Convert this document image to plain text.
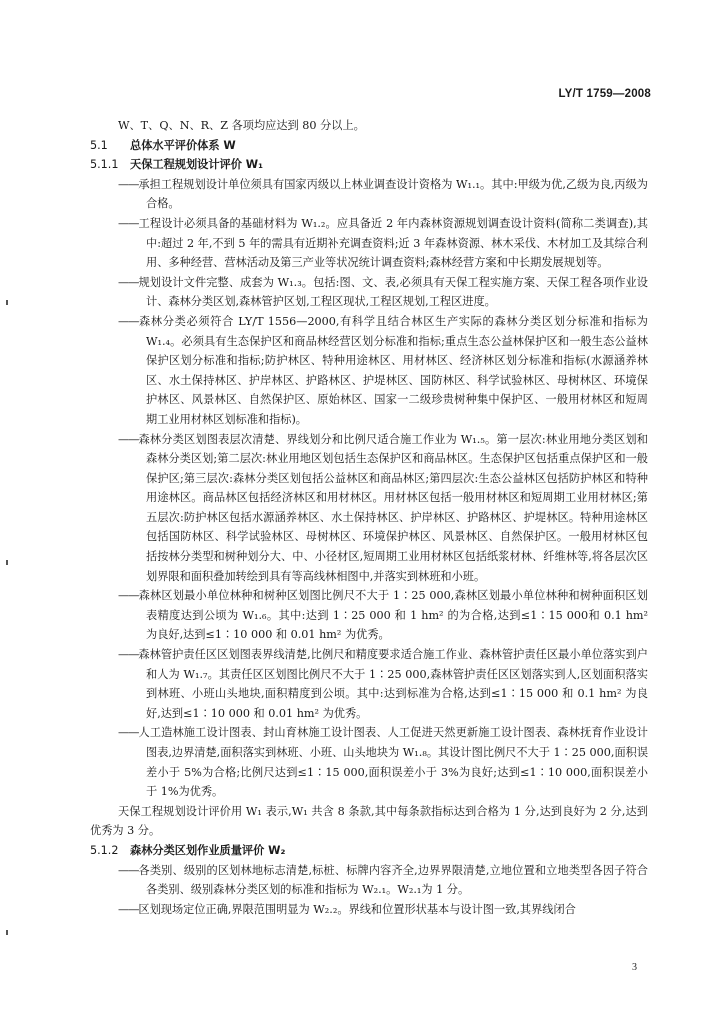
LY/T 1759—2008

W、T、Q、N、R、Z 各项均应达到 80 分以上。

5.1 总体水平评价体系 W

5.1.1 天保工程规划设计评价 W₁

—— 承担工程规划设计单位须具有国家丙级以上林业调查设计资格为 W₁.₁。其中:甲级为优,乙级为良,丙级为合格。

—— 工程设计必须具备的基础材料为 W₁.₂。应具备近 2 年内森林资源规划调查设计资料(简称二类调查),其中:超过 2 年,不到 5 年的需具有近期补充调查资料;近 3 年森林资源、林木采伐、木材加工及其综合利用、多种经营、营林活动及第三产业等状况统计调查资料;森林经营方案和中长期发展规划等。

—— 规划设计文件完整、成套为 W₁.₃。包括:图、文、表,必须具有天保工程实施方案、天保工程各项作业设计、森林分类区划,森林管护区划,工程区现状,工程区规划,工程区进度。

—— 森林分类必须符合 LY/T 1556—2000,有科学且结合林区生产实际的森林分类区划分标准和指标为 W₁.₄。必须具有生态保护区和商品林经营区划分标准和指标;重点生态公益林保护区和一般生态公益林保护区划分标准和指标;防护林区、特种用途林区、用材林区、经济林区划分标准和指标(水源涵养林区、水土保持林区、护岸林区、护路林区、护堤林区、国防林区、科学试验林区、母树林区、环境保护林区、风景林区、自然保护区、原始林区、国家一二级珍贵树种集中保护区、一般用材林区和短周期工业用材林区划标准和指标)。

—— 森林分类区划图表层次清楚、界线划分和比例尺适合施工作业为 W₁.₅。第一层次:林业用地分类区划和森林分类区划;第二层次:林业用地区划包括生态保护区和商品林区。生态保护区包括重点保护区和一般保护区;第三层次:森林分类区划包括公益林区和商品林区;第四层次:生态公益林区包括防护林区和特种用途林区。商品林区包括经济林区和用材林区。用材林区包括一般用材林区和短周期工业用材林区;第五层次:防护林区包括水源涵养林区、水土保持林区、护岸林区、护路林区、护堤林区。特种用途林区包括国防林区、科学试验林区、母树林区、环境保护林区、风景林区、自然保护区。一般用材林区包括按林分类型和树种划分大、中、小径材区,短周期工业用材林区包括纸浆材林、纤维林等,将各层次区划界限和面积叠加转绘到具有等高线林相图中,并落实到林班和小班。

—— 森林区划最小单位林种和树种区划图比例尺不大于 1∶25 000,森林区划最小单位林种和树种面积区划表精度达到公顷为 W₁.₆。其中:达到 1∶25 000 和 1 hm² 的为合格,达到≤1∶15 000和 0.1 hm² 为良好,达到≤1∶10 000 和 0.01 hm² 为优秀。

—— 森林管护责任区区划图表界线清楚,比例尺和精度要求适合施工作业、森林管护责任区最小单位落实到户和人为 W₁.₇。其责任区区划图比例尺不大于 1∶25 000,森林管护责任区区划落实到人,区划面积落实到林班、小班山头地块,面积精度到公顷。其中:达到标准为合格,达到≤1∶15 000 和 0.1 hm² 为良好,达到≤1∶10 000 和 0.01 hm² 为优秀。

—— 人工造林施工设计图表、封山育林施工设计图表、人工促进天然更新施工设计图表、森林抚育作业设计图表,边界清楚,面积落实到林班、小班、山头地块为 W₁.₈。其设计图比例尺不大于 1∶25 000,面积误差小于 5%为合格;比例尺达到≤1∶15 000,面积误差小于 3%为良好;达到≤1∶10 000,面积误差小于 1%为优秀。

天保工程规划设计评价用 W₁ 表示,W₁ 共含 8 条款,其中每条款指标达到合格为 1 分,达到良好为 2 分,达到优秀为 3 分。

5.1.2 森林分类区划作业质量评价 W₂

—— 各类别、级别的区划林地标志清楚,标桩、标牌内容齐全,边界界限清楚,立地位置和立地类型各因子符合各类别、级别森林分类区划的标准和指标为 W₂.₁。W₂.₁为 1 分。

—— 区划现场定位正确,界限范围明显为 W₂.₂。界线和位置形状基本与设计图一致,其界线闭合

3
